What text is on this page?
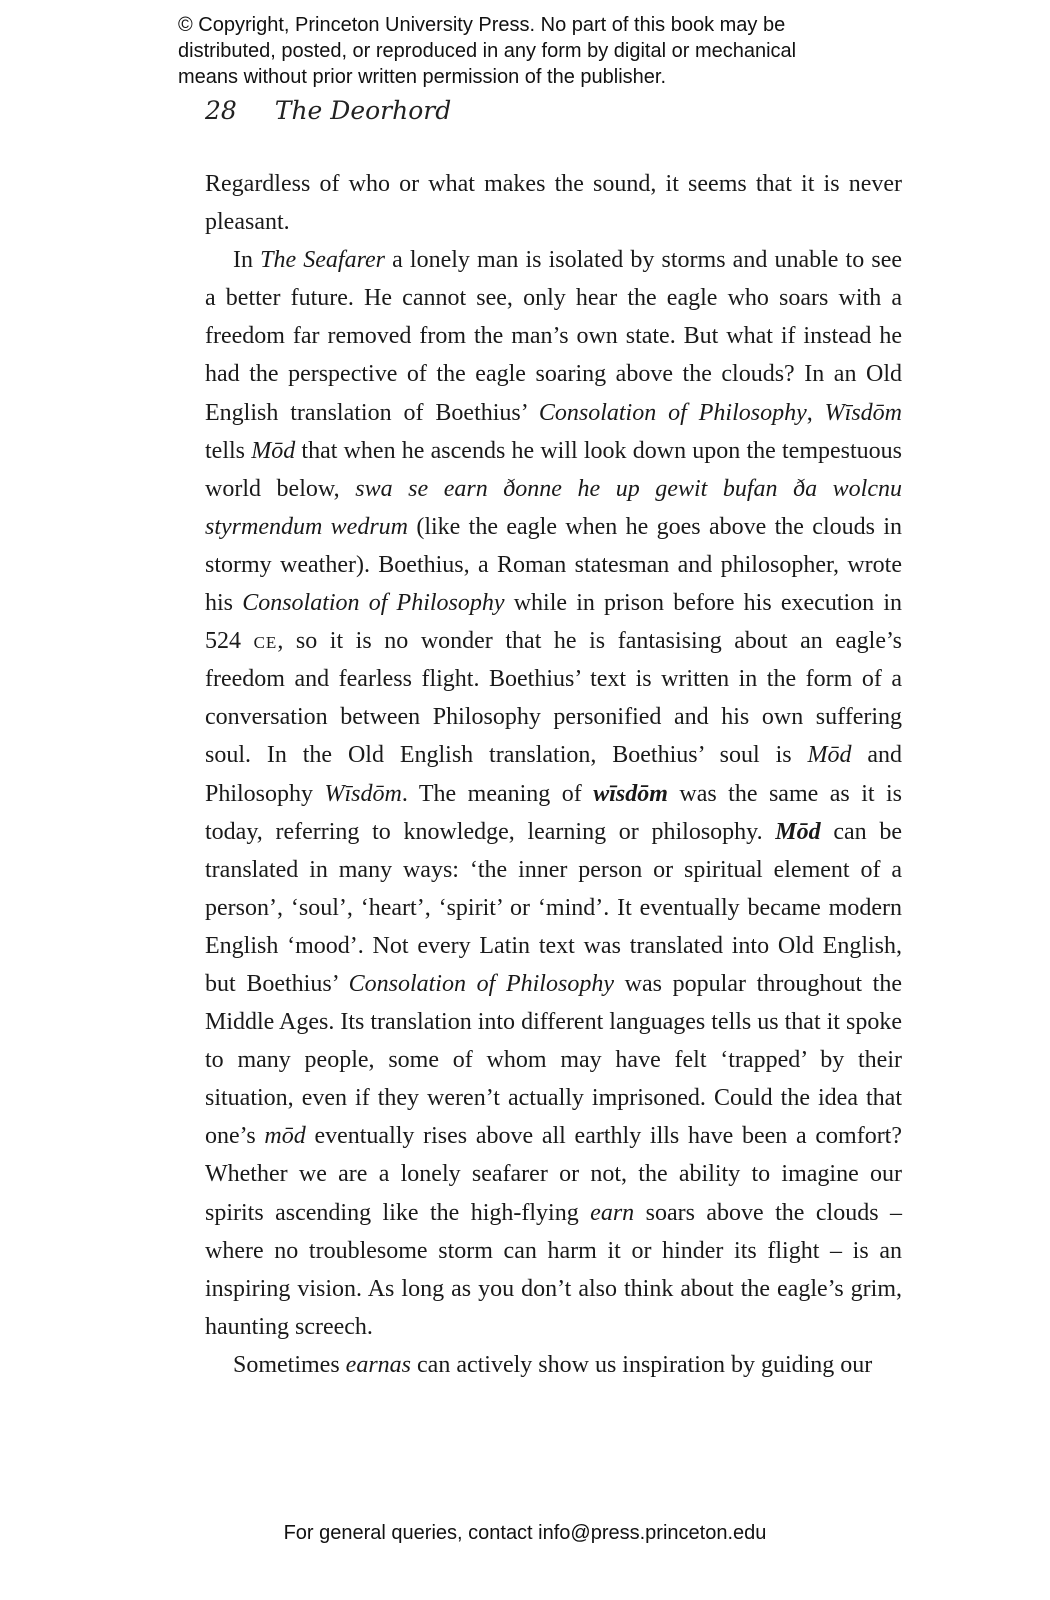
© Copyright, Princeton University Press. No part of this book may be
distributed, posted, or reproduced in any form by digital or mechanical
means without prior written permission of the publisher.
28 The Deorhord

Regardless of who or what makes the sound, it seems that it is never pleasant.

In The Seafarer a lonely man is isolated by storms and unable to see a better future. He cannot see, only hear the eagle who soars with a freedom far removed from the man’s own state. But what if instead he had the perspective of the eagle soaring above the clouds? In an Old English translation of Boethius’ Consolation of Philosophy, Wīsdōm tells Mōd that when he ascends he will look down upon the tempestuous world below, swa se earn ðonne he up gewit bufan ða wolcnu styrmendum wedrum (like the eagle when he goes above the clouds in stormy weather). Boethius, a Roman statesman and philosopher, wrote his Consolation of Philosophy while in prison before his execution in 524 ce, so it is no wonder that he is fantasising about an eagle’s freedom and fearless flight. Boethius’ text is written in the form of a conversation between Philosophy personified and his own suffering soul. In the Old English translation, Boethius’ soul is Mōd and Philosophy Wīsdōm. The meaning of wīsdōm was the same as it is today, referring to knowledge, learning or philosophy. Mōd can be translated in many ways: ‘the inner person or spiritual element of a person’, ‘soul’, ‘heart’, ‘spirit’ or ‘mind’. It eventually became modern English ‘mood’. Not every Latin text was translated into Old English, but Boethius’ Consolation of Philosophy was popular throughout the Middle Ages. Its translation into different languages tells us that it spoke to many people, some of whom may have felt ‘trapped’ by their situation, even if they weren’t actually imprisoned. Could the idea that one’s mōd eventually rises above all earthly ills have been a comfort? Whether we are a lonely seafarer or not, the ability to imagine our spirits ascending like the high-flying earn soars above the clouds – where no troublesome storm can harm it or hinder its flight – is an inspiring vision. As long as you don’t also think about the eagle’s grim, haunting screech.

Sometimes earnas can actively show us inspiration by guiding our

For general queries, contact info@press.princeton.edu
